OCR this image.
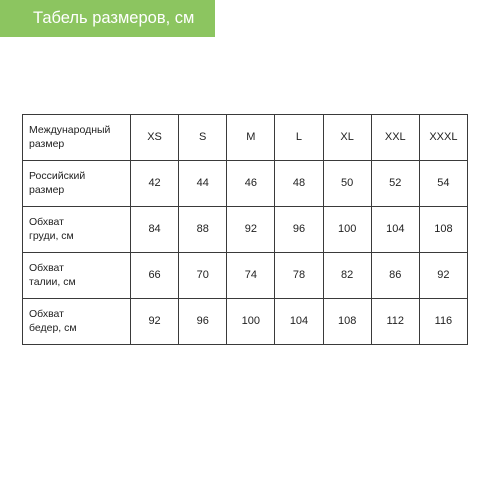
Табель размеров, см
Международный
размер	XS	S	M	L	XL	XXL	XXXL
Российский
размер	42	44	46	48	50	52	54
Обхват
груди, см	84	88	92	96	100	104	108
Обхват
талии, см	66	70	74	78	82	86	92
Обхват
бедер, см	92	96	100	104	108	112	116
